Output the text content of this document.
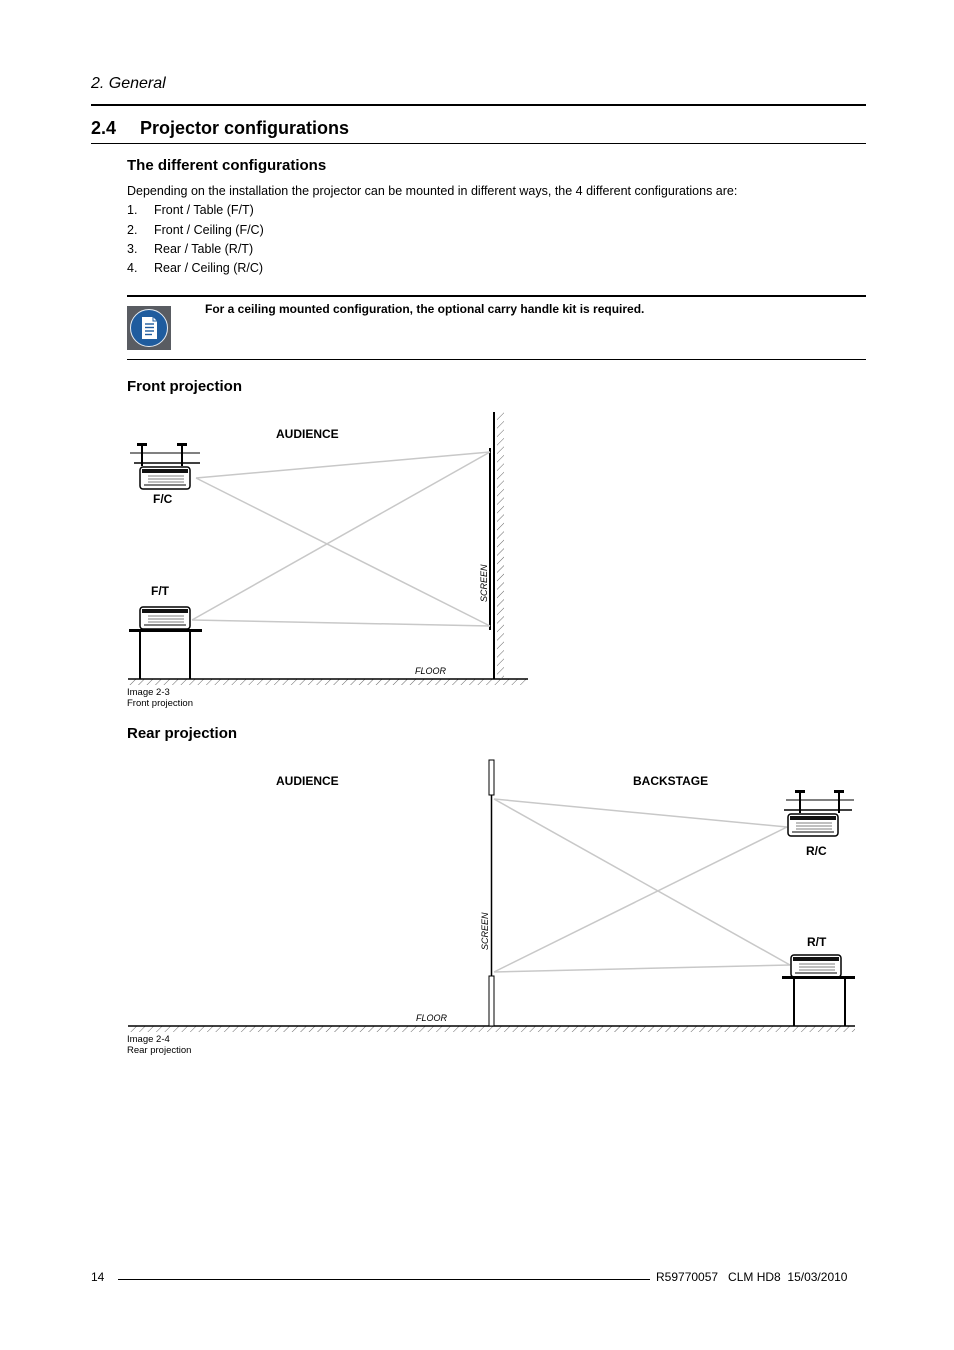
2. General
2.4 Projector configurations
The different configurations
Depending on the installation the projector can be mounted in different ways, the 4 different configurations are:
1. Front / Table (F/T)
2. Front / Ceiling (F/C)
3. Rear / Table (R/T)
4. Rear / Ceiling (R/C)
For a ceiling mounted configuration, the optional carry handle kit is required.
Front projection
AUDIENCE
F/C
F/T
FLOOR
SCREEN
AUDIENCE	BACKSTAGE
R/C
R/T
FLOOR
SCREEN
Image 2-3
Front projection
Rear projection
Image 2-4
Rear projection
14	R59770057   CLM HD8  15/03/2010
